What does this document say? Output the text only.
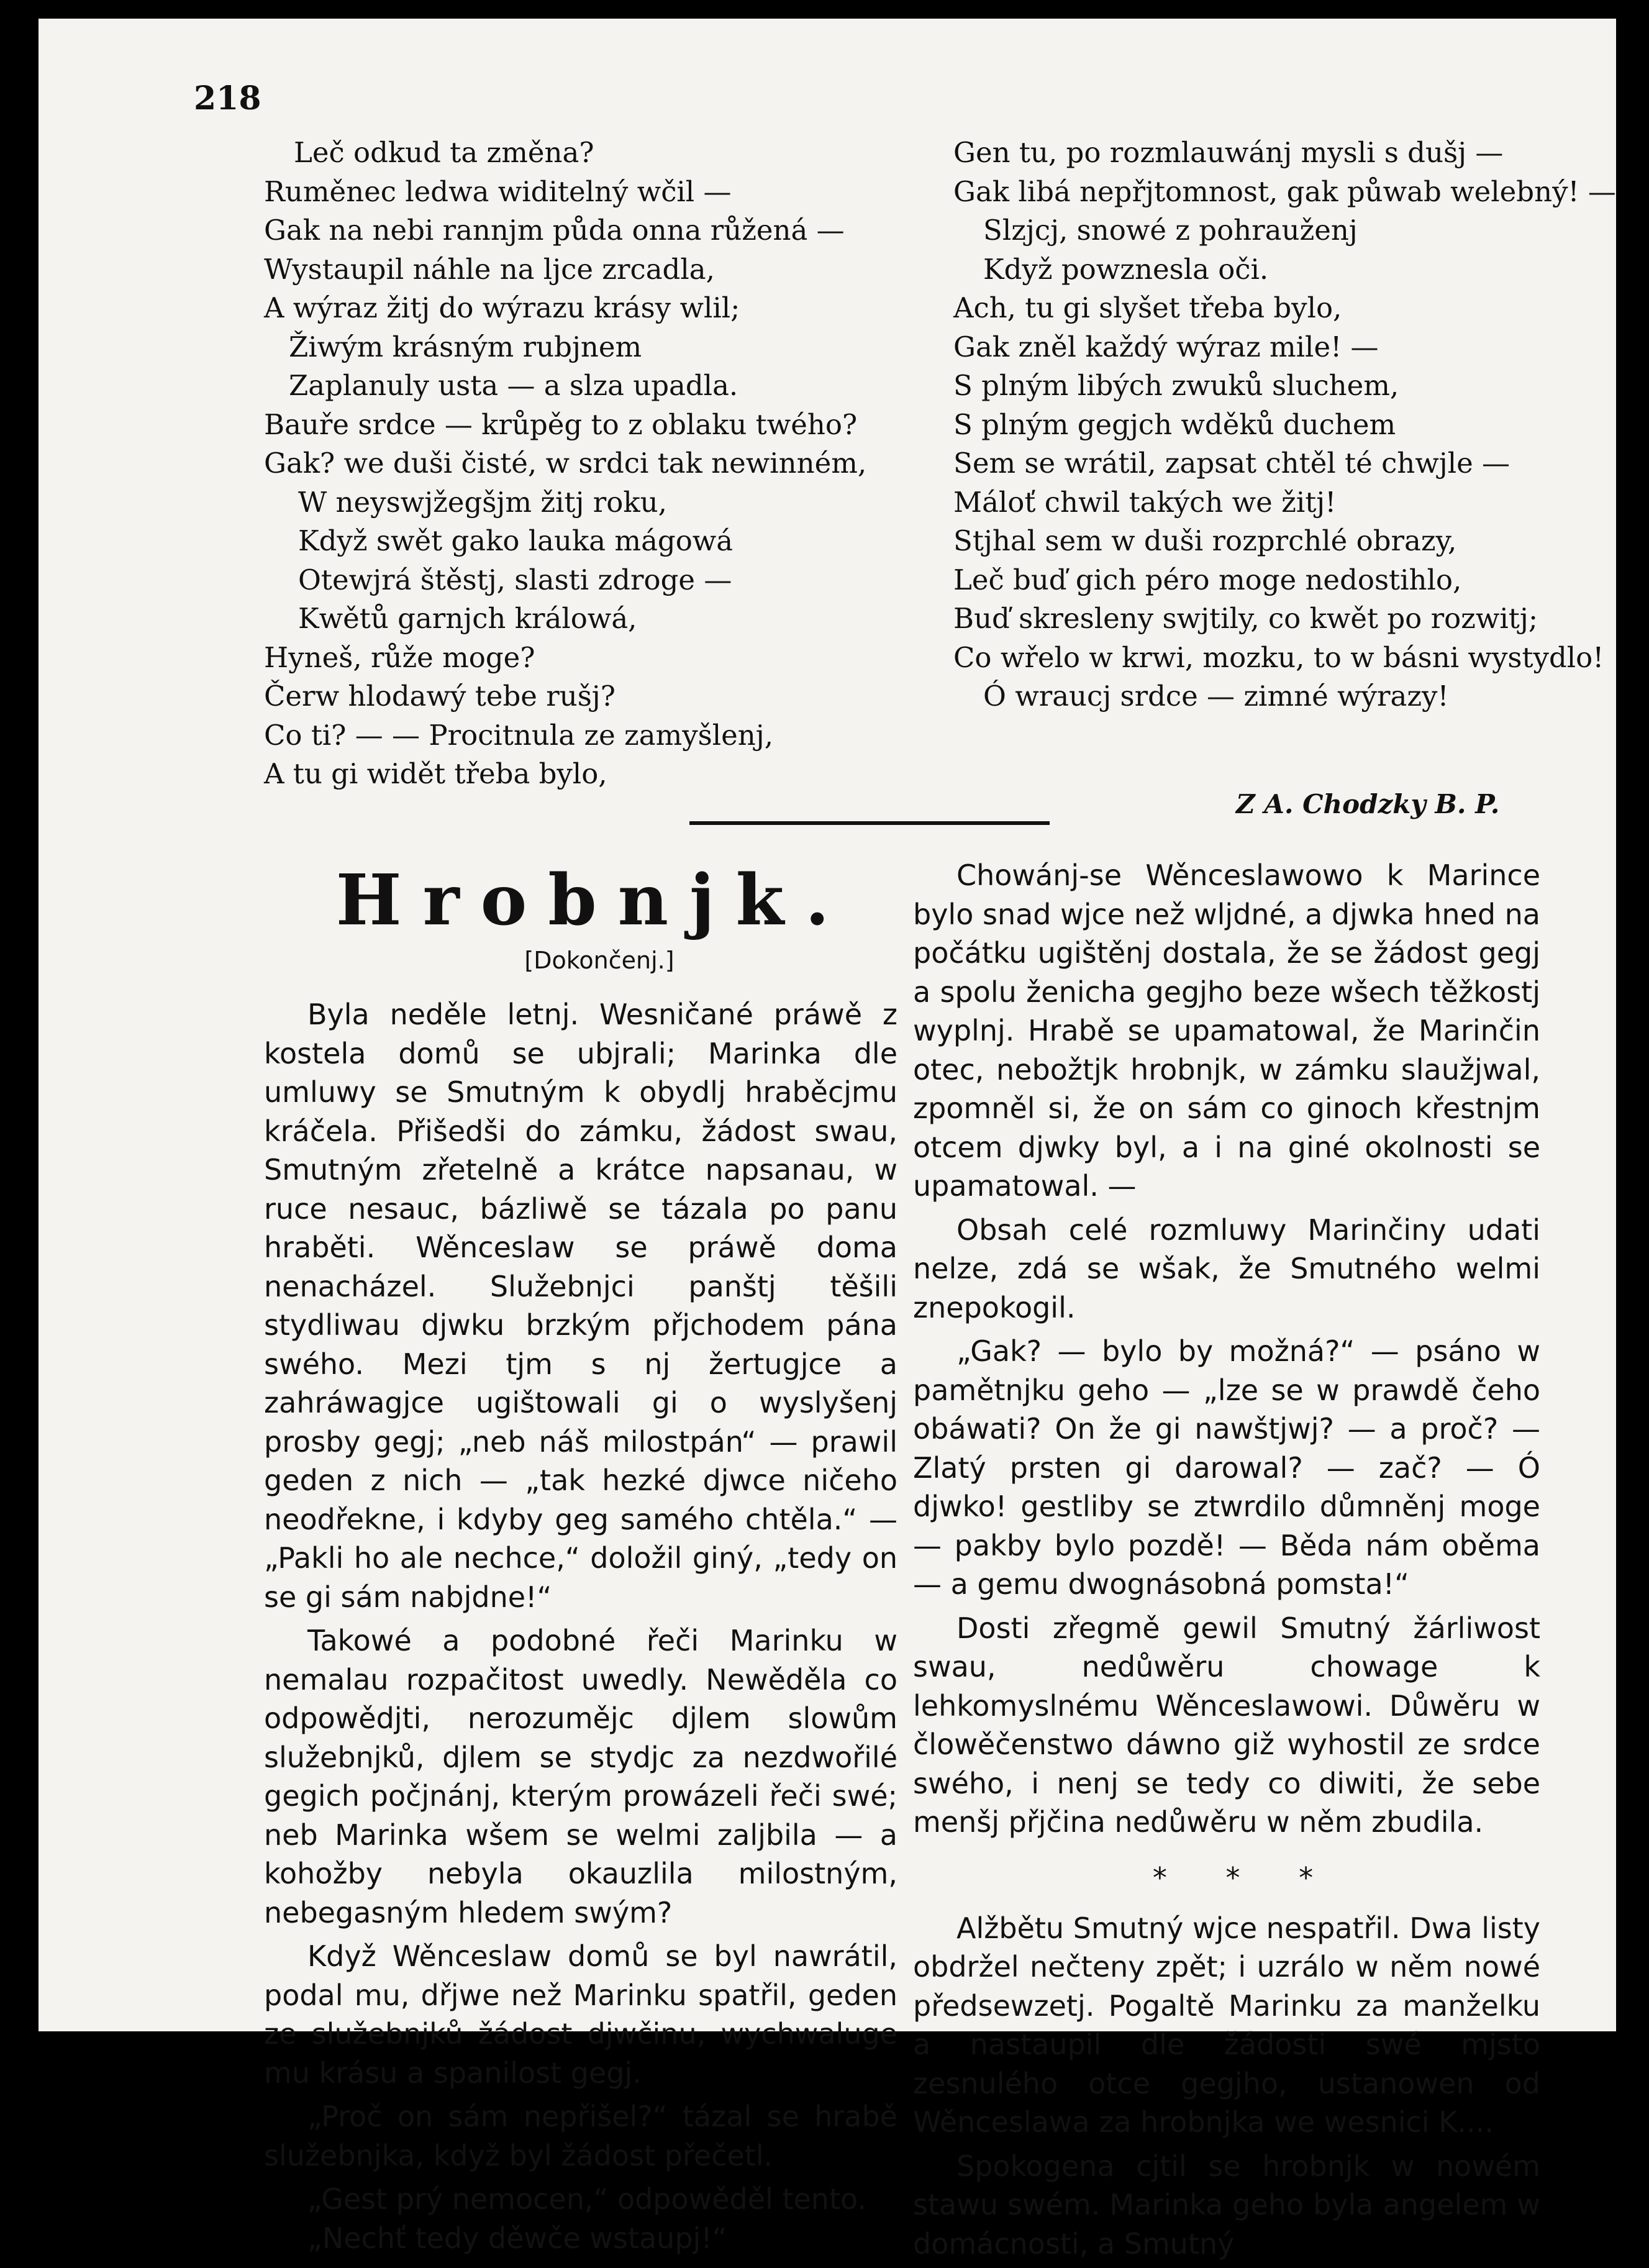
218
Leč odkud ta změna?
Ruměnec ledwa widitelný wčil —
Gak na nebi rannjm půda onna růžená —
Wystaupil náhle na ljce zrcadla,
A wýraz žitj do wýrazu krásy wlil;
Žiwým krásným rubjnem
Zaplanuly usta — a slza upadla.
Bauře srdce — krůpěg to z oblaku twého?
Gak? we duši čisté, w srdci tak newinném,
W neyswjžegšjm žitj roku,
Když swět gako lauka mágowá
Otewjrá štěstj, slasti zdroge —
Kwětů garnjch králowá,
Hyneš, růže moge?
Čerw hlodawý tebe rušj?
Co ti? — — Procitnula ze zamyšlenj,
A tu gi widět třeba bylo,
Gen tu, po rozmlauwánj mysli s dušj —
Gak libá nepřjtomnost, gak půwab welebný! —
Slzjcj, snowé z pohrauženj
Když powznesla oči.
Ach, tu gi slyšet třeba bylo,
Gak zněl každý wýraz mile! —
S plným libých zwuků sluchem,
S plným gegjch wděků duchem
Sem se wrátil, zapsat chtěl té chwjle —
Máloť chwil takých we žitj!
Stjhal sem w duši rozprchlé obrazy,
Leč buď gich péro moge nedostihlo,
Buď skresleny swjtily, co kwět po rozwitj;
Co wřelo w krwi, mozku, to w básni wystydlo!
Ó wraucj srdce — zimné wýrazy!
Z A. Chodzky B. P.
Hrobnjk.
[Dokončenj.]

Byla neděle letnj. Wesničané práwě z kostela domů se ubjrali; Marinka dle umluwy se Smutným k obydlj hraběcjmu kráčela. Přišedši do zámku, žádost swau, Smutným zřetelně a krátce napsanau, w ruce nesauc, bázliwě se tázala po panu hraběti. Wěnceslaw se práwě doma nenacházel. Služebnjci panštj těšili stydliwau djwku brzkým přjchodem pána swého. Mezi tjm s nj žertugjce a zahráwagjce ugištowali gi o wyslyšenj prosby gegj; „neb náš milostpán“ — prawil geden z nich — „tak hezké djwce ničeho neodřekne, i kdyby geg samého chtěla.“ — „Pakli ho ale nechce,“ doložil giný, „tedy on se gi sám nabjdne!“

Takowé a podobné řeči Marinku w nemalau rozpačitost uwedly. Newěděla co odpowědjti, nerozumějc djlem slowům služebnjků, djlem se stydjc za nezdwořilé gegich počjnánj, kterým prowázeli řeči swé; neb Marinka wšem se welmi zaljbila — a kohožby nebyla okauzlila milostným, nebegasným hledem swým?

Když Wěnceslaw domů se byl nawrátil, podal mu, dřjwe než Marinku spatřil, geden ze služebnjků žádost djwčinu, wychwaluge mu krásu a spanilost gegj.

„Proč on sám nepřišel?“ tázal se hrabě služebnjka, když byl žádost přečetl.

„Gest prý nemocen,“ odpowěděl tento.
„Nechť tedy děwče wstaupj!“

Chowánj-se Wěnceslawowo k Marince bylo snad wjce než wljdné, a djwka hned na počátku ugištěnj dostala, že se žádost gegj a spolu ženicha gegjho beze wšech těžkostj wyplnj. Hrabě se upamatowal, že Marinčin otec, nebožtjk hrobnjk, w zámku slaužjwal, zpomněl si, že on sám co ginoch křestnjm otcem djwky byl, a i na giné okolnosti se upamatowal. —

Obsah celé rozmluwy Marinčiny udati nelze, zdá se wšak, že Smutného welmi znepokogil.

„Gak? — bylo by možná?“ — psáno w pamětnjku geho — „lze se w prawdě čeho obáwati? On že gi nawštjwj? — a proč? — Zlatý prsten gi darowal? — zač? — Ó djwko! gestliby se ztwrdilo důmněnj moge — pakby bylo pozdě! — Běda nám oběma — a gemu dwognásobná pomsta!“

Dosti zřegmě gewil Smutný žárliwost swau, nedůwěru chowage k lehkomyslnému Wěnceslawowi. Důwěru w člowěčenstwo dáwno giž wyhostil ze srdce swého, i nenj se tedy co diwiti, že sebe menšj přjčina nedůwěru w něm zbudila.

* * *

Alžbětu Smutný wjce nespatřil. Dwa listy obdržel nečteny zpět; i uzrálo w něm nowé předsewzetj. Pogaltě Marinku za manželku a nastaupil dle žádosti swé mjsto zesnulého otce gegjho, ustanowen od Wěnceslawa za hrobnjka we wesnici K....

Spokogena cjtil se hrobnjk w nowém stawu swém. Marinka geho byla angelem w domácnosti, a Smutný
